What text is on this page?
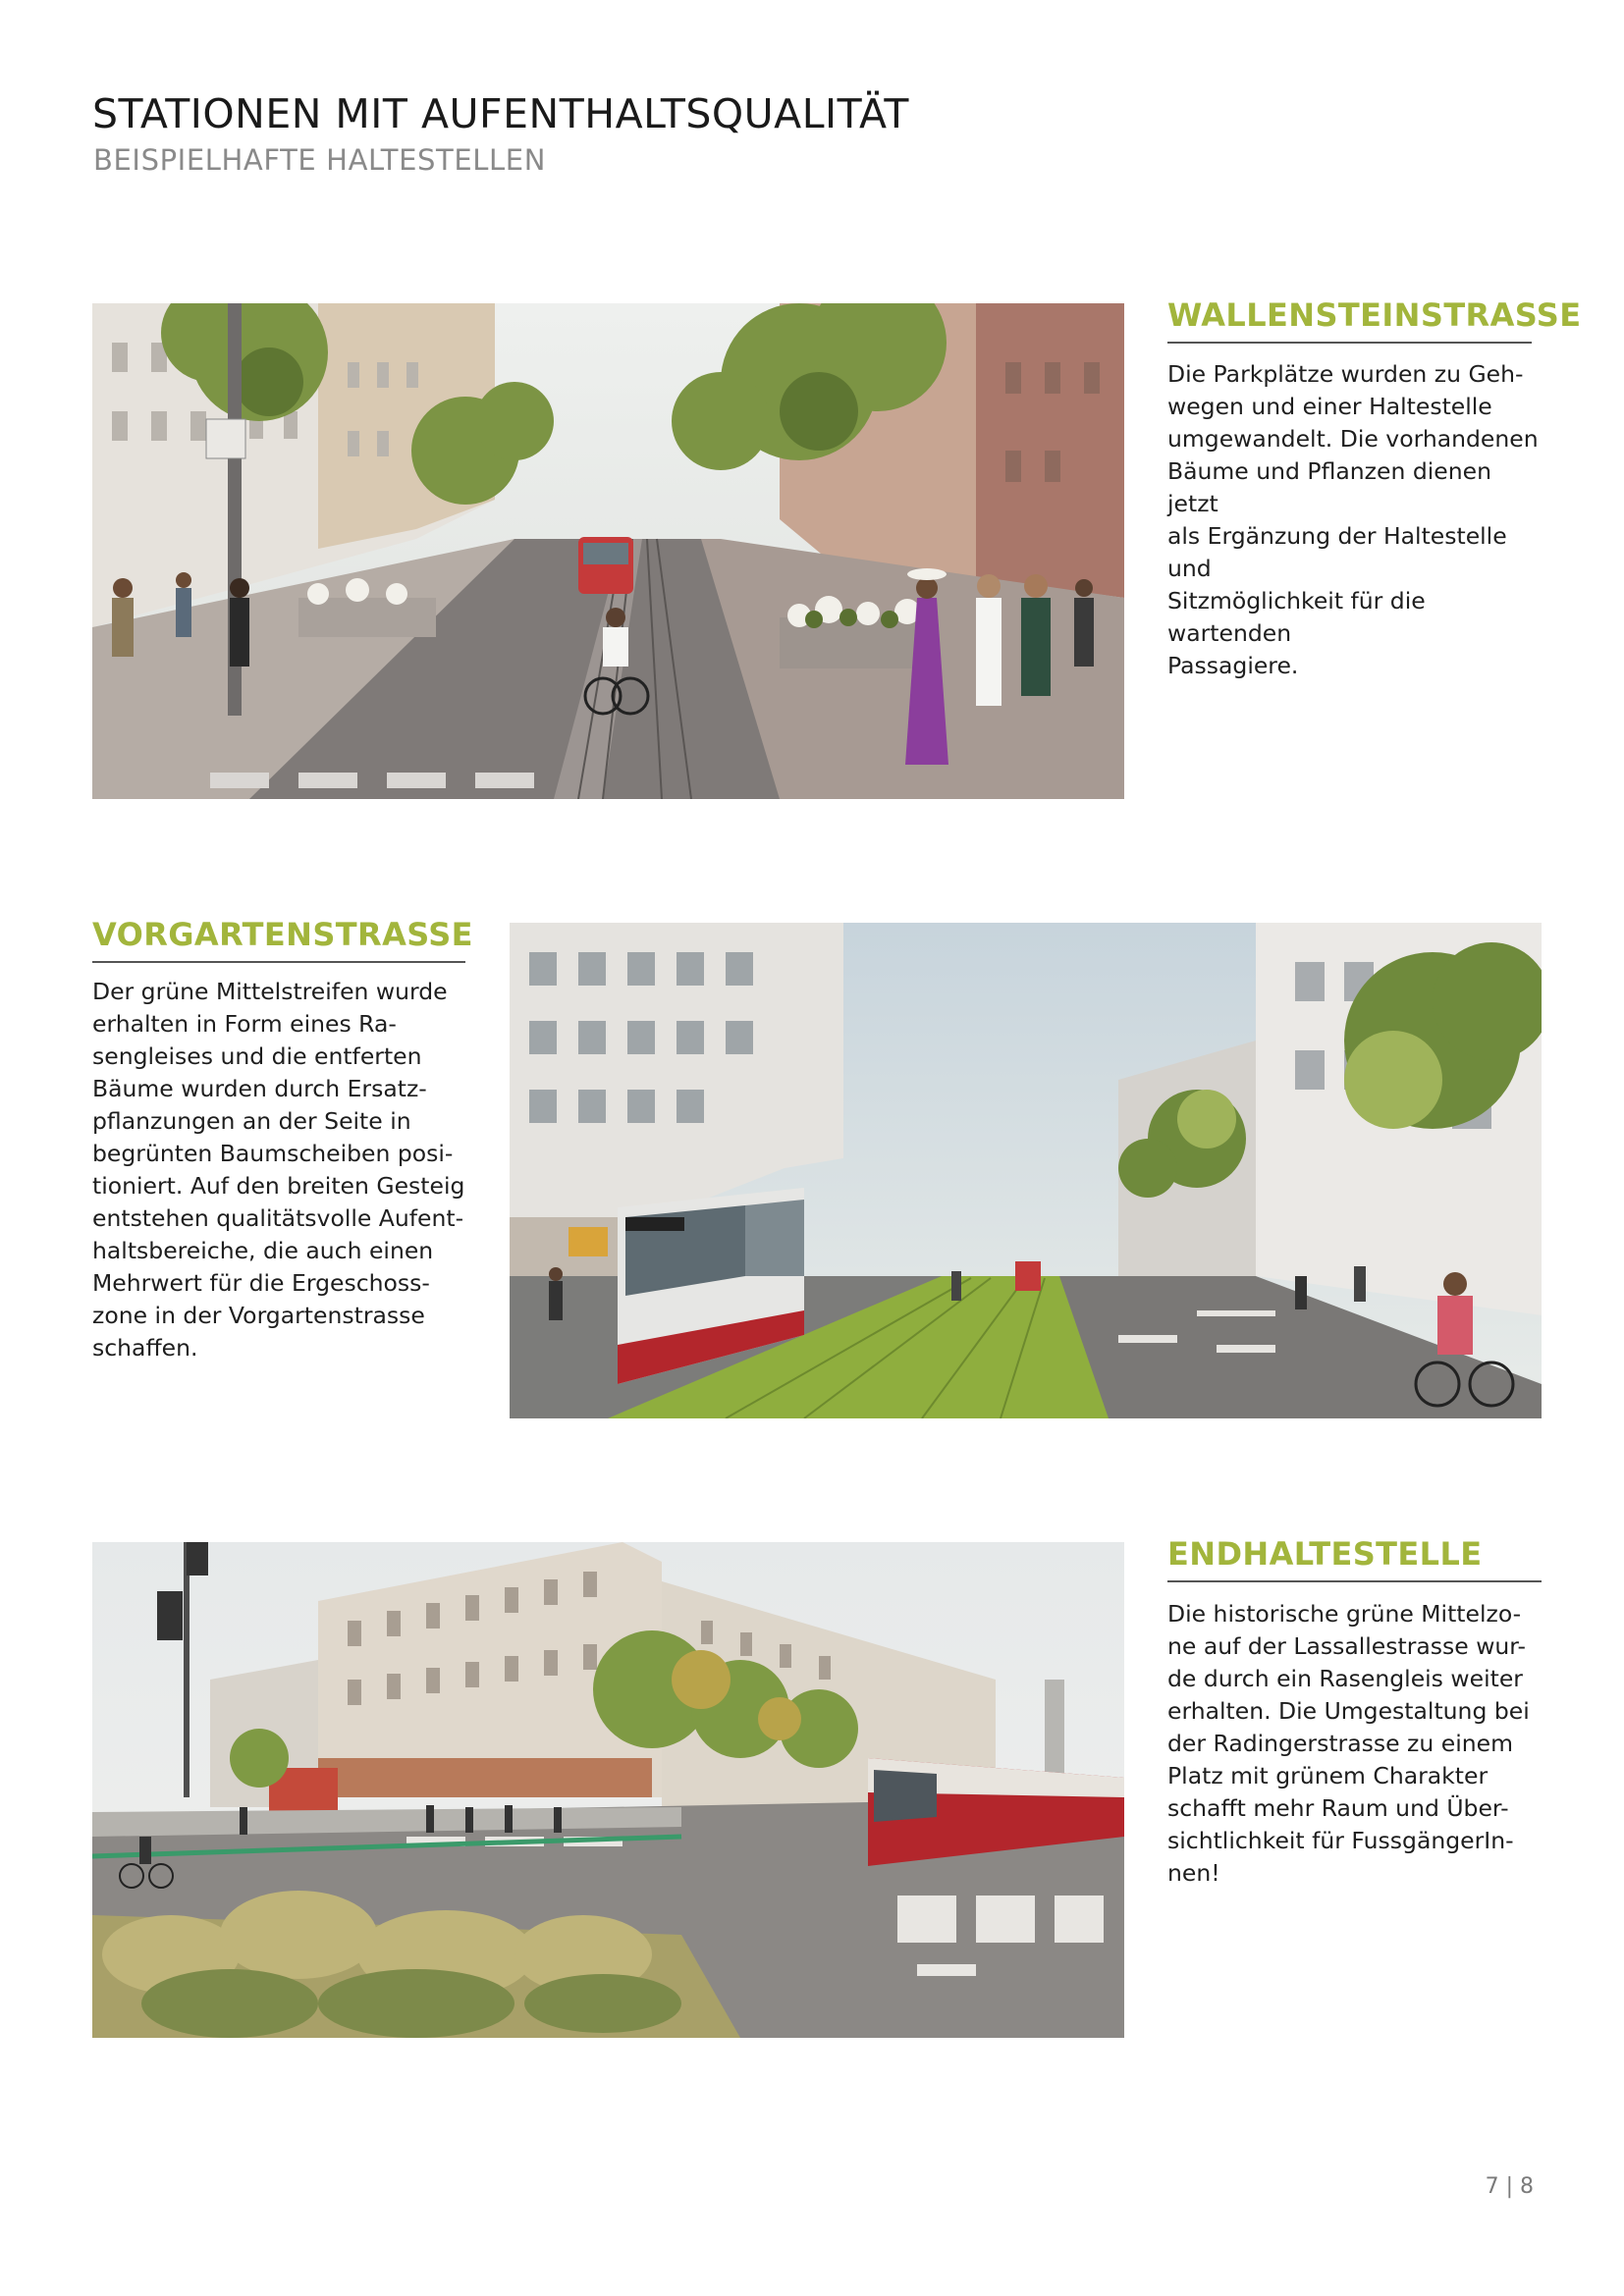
STATIONEN MIT AUFENTHALTSQUALITÄT
BEISPIELHAFTE HALTESTELLEN
WALLENSTEINSTRASSE

Die Parkplätze wurden zu Geh-
wegen und einer Haltestelle
umgewandelt. Die vorhandenen
Bäume und Pflanzen dienen jetzt
als Ergänzung der Haltestelle und
Sitzmöglichkeit für die wartenden
Passagiere.

VORGARTENSTRASSE

Der grüne Mittelstreifen wurde
erhalten in Form eines Ra-
sengleises und die entferten
Bäume wurden durch Ersatz-
pflanzungen an der Seite in
begrünten Baumscheiben posi-
tioniert. Auf den breiten Gesteig
entstehen qualitätsvolle Aufent-
haltsbereiche, die auch einen
Mehrwert für die Ergeschoss-
zone in der Vorgartenstrasse
schaffen.

ENDHALTESTELLE

Die historische grüne Mittelzo-
ne auf der Lassallestrasse wur-
de durch ein Rasengleis weiter
erhalten. Die Umgestaltung bei
der Radingerstrasse zu einem
Platz mit grünem Charakter
schafft mehr Raum und Über-
sichtlichkeit für FussgängerIn-
nen!

7 | 8
